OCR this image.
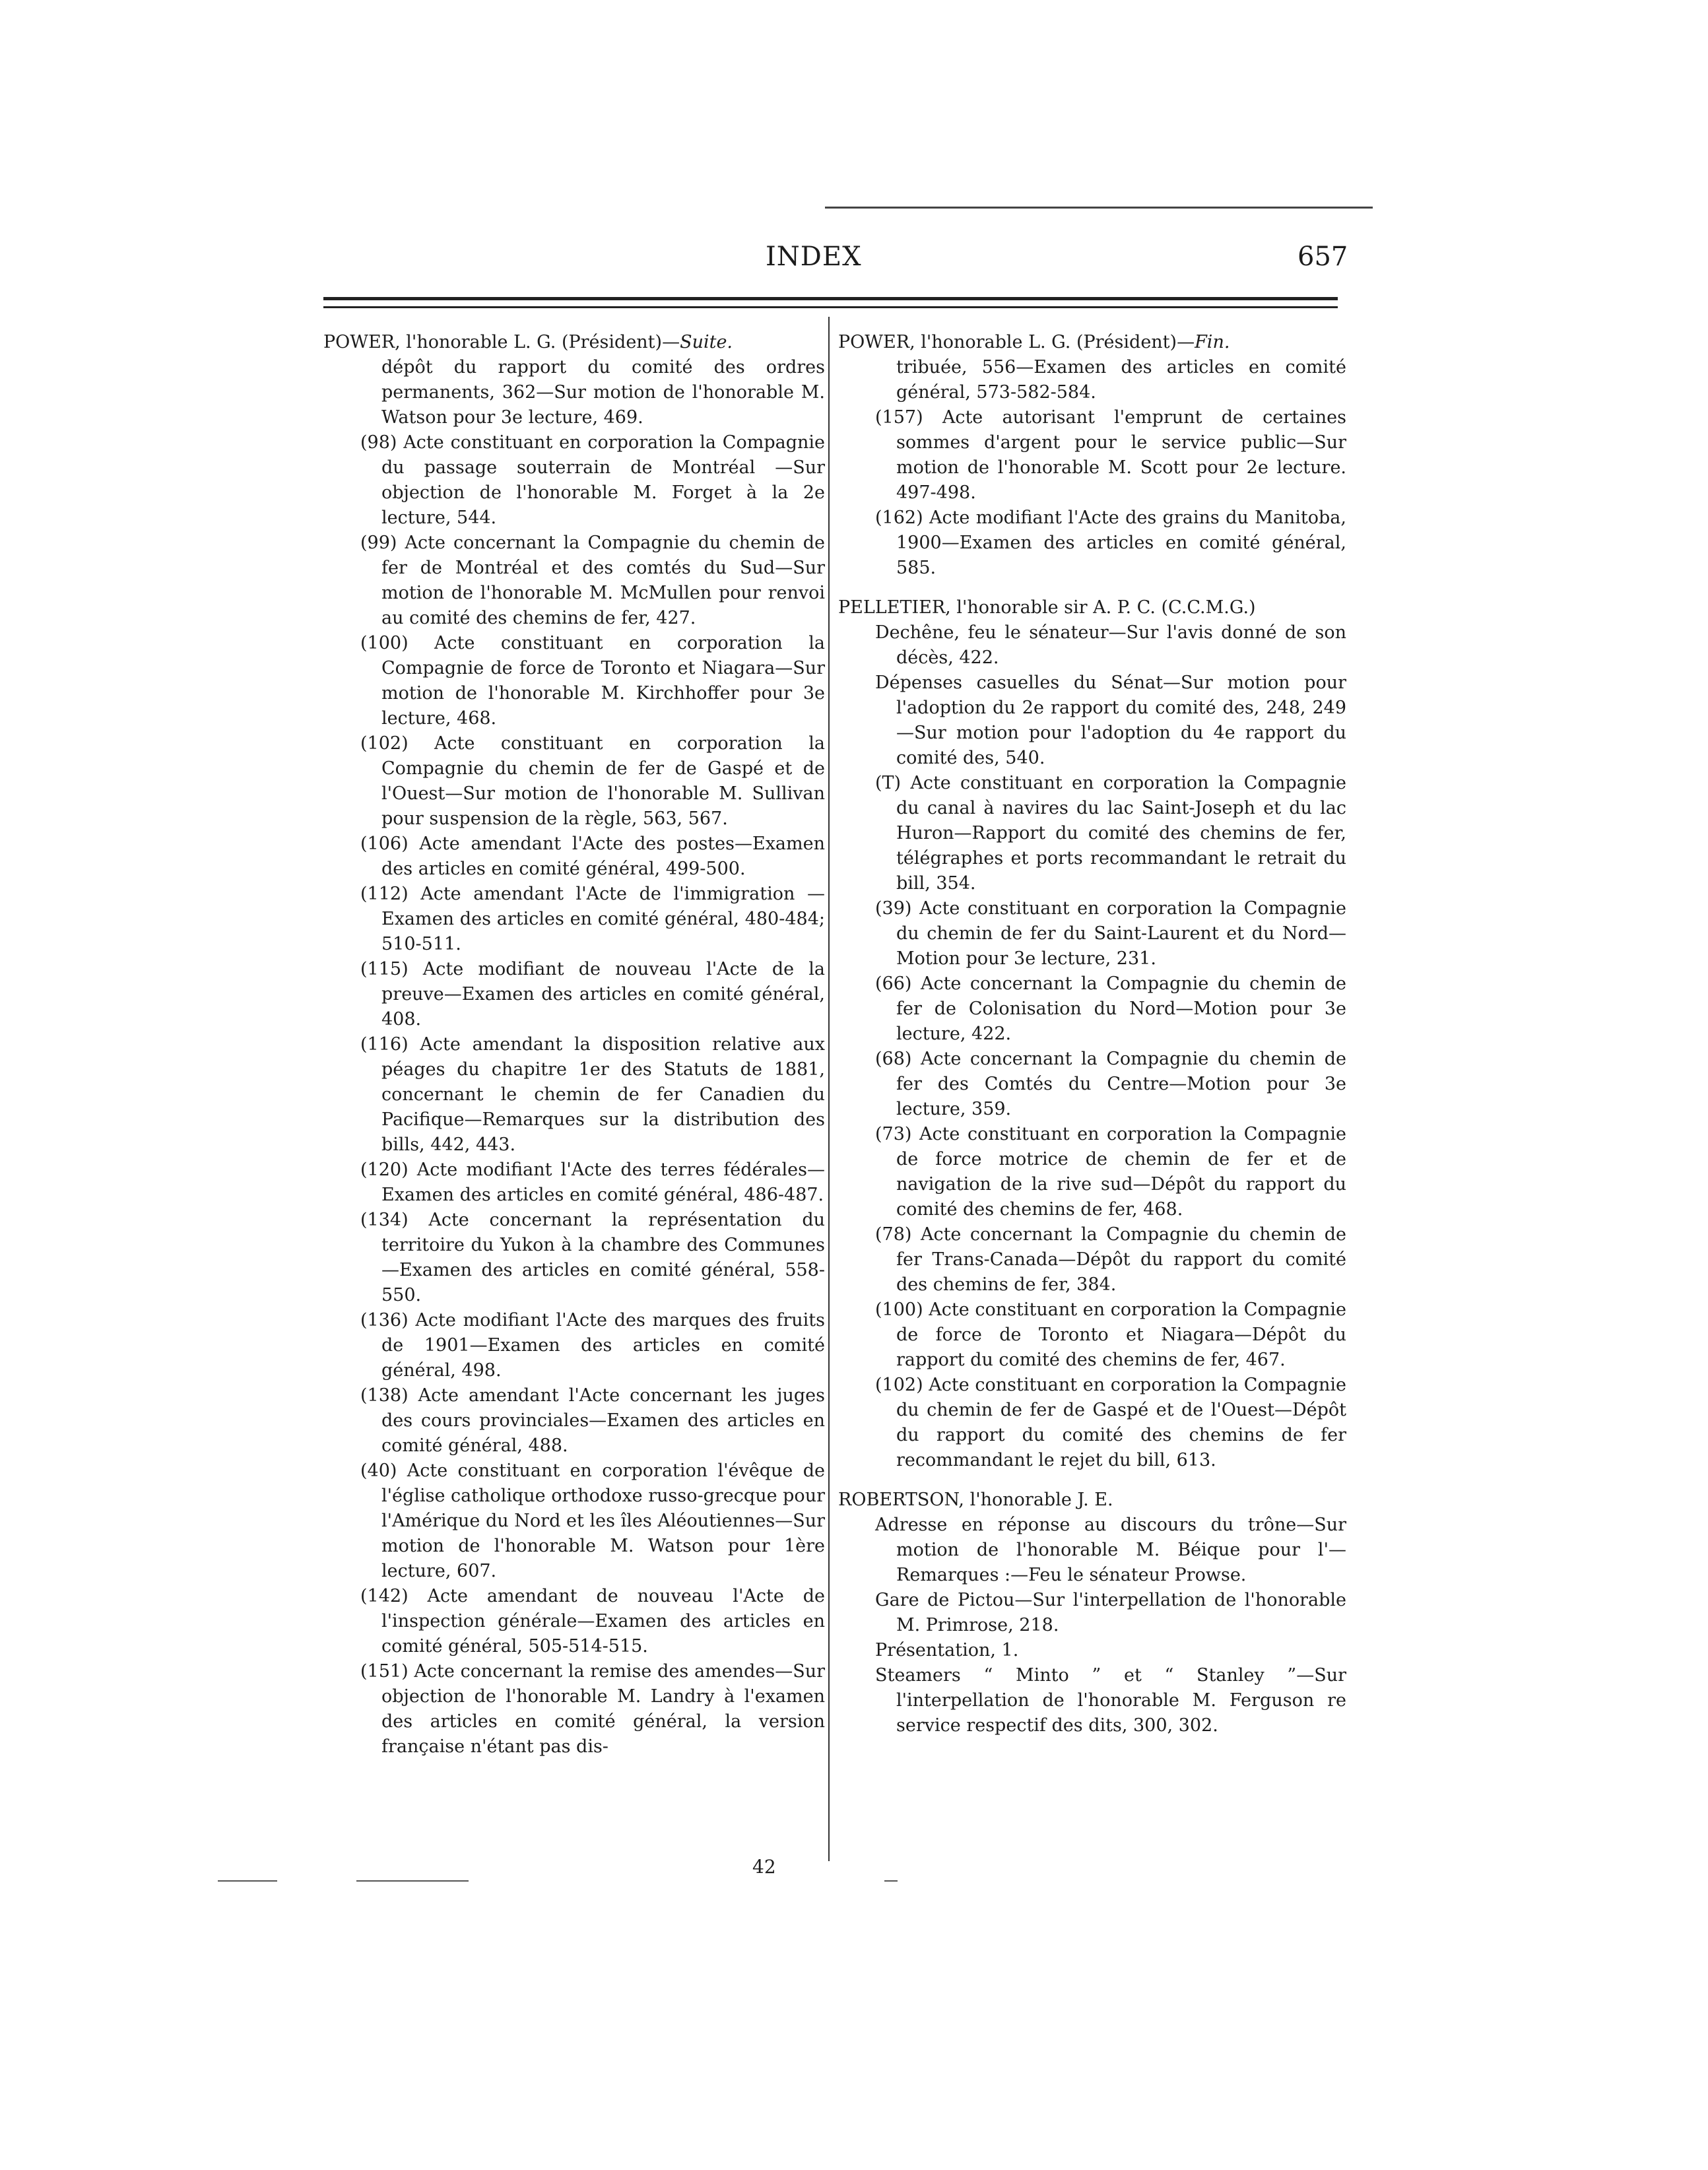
INDEX	657

POWER, l'honorable L. G. (Président)—Suite.

dépôt du rapport du comité des ordres permanents, 362—Sur motion de l'honorable M. Watson pour 3e lecture, 469.

(98) Acte constituant en corporation la Compagnie du passage souterrain de Montréal —Sur objection de l'honorable M. Forget à la 2e lecture, 544.

(99) Acte concernant la Compagnie du chemin de fer de Montréal et des comtés du Sud—Sur motion de l'honorable M. McMullen pour renvoi au comité des chemins de fer, 427.

(100) Acte constituant en corporation la Compagnie de force de Toronto et Niagara—Sur motion de l'honorable M. Kirchhoffer pour 3e lecture, 468.

(102) Acte constituant en corporation la Compagnie du chemin de fer de Gaspé et de l'Ouest—Sur motion de l'honorable M. Sullivan pour suspension de la règle, 563, 567.

(106) Acte amendant l'Acte des postes—Examen des articles en comité général, 499-500.

(112) Acte amendant l'Acte de l'immigration —Examen des articles en comité général, 480-484; 510-511.

(115) Acte modifiant de nouveau l'Acte de la preuve—Examen des articles en comité général, 408.

(116) Acte amendant la disposition relative aux péages du chapitre 1er des Statuts de 1881, concernant le chemin de fer Canadien du Pacifique—Remarques sur la distribution des bills, 442, 443.

(120) Acte modifiant l'Acte des terres fédérales—Examen des articles en comité général, 486-487.

(134) Acte concernant la représentation du territoire du Yukon à la chambre des Communes—Examen des articles en comité général, 558-550.

(136) Acte modifiant l'Acte des marques des fruits de 1901—Examen des articles en comité général, 498.

(138) Acte amendant l'Acte concernant les juges des cours provinciales—Examen des articles en comité général, 488.

(40) Acte constituant en corporation l'évêque de l'église catholique orthodoxe russo-grecque pour l'Amérique du Nord et les îles Aléoutiennes—Sur motion de l'honorable M. Watson pour 1ère lecture, 607.

(142) Acte amendant de nouveau l'Acte de l'inspection générale—Examen des articles en comité général, 505-514-515.

(151) Acte concernant la remise des amendes—Sur objection de l'honorable M. Landry à l'examen des articles en comité général, la version française n'étant pas dis-

POWER, l'honorable L. G. (Président)—Fin.

tribuée, 556—Examen des articles en comité général, 573-582-584.

(157) Acte autorisant l'emprunt de certaines sommes d'argent pour le service public—Sur motion de l'honorable M. Scott pour 2e lecture. 497-498.

(162) Acte modifiant l'Acte des grains du Manitoba, 1900—Examen des articles en comité général, 585.

PELLETIER, l'honorable sir A. P. C. (C.C.M.G.)

Dechêne, feu le sénateur—Sur l'avis donné de son décès, 422.

Dépenses casuelles du Sénat—Sur motion pour l'adoption du 2e rapport du comité des, 248, 249—Sur motion pour l'adoption du 4e rapport du comité des, 540.

(T) Acte constituant en corporation la Compagnie du canal à navires du lac Saint-Joseph et du lac Huron—Rapport du comité des chemins de fer, télégraphes et ports recommandant le retrait du bill, 354.

(39) Acte constituant en corporation la Compagnie du chemin de fer du Saint-Laurent et du Nord—Motion pour 3e lecture, 231.

(66) Acte concernant la Compagnie du chemin de fer de Colonisation du Nord—Motion pour 3e lecture, 422.

(68) Acte concernant la Compagnie du chemin de fer des Comtés du Centre—Motion pour 3e lecture, 359.

(73) Acte constituant en corporation la Compagnie de force motrice de chemin de fer et de navigation de la rive sud—Dépôt du rapport du comité des chemins de fer, 468.

(78) Acte concernant la Compagnie du chemin de fer Trans-Canada—Dépôt du rapport du comité des chemins de fer, 384.

(100) Acte constituant en corporation la Compagnie de force de Toronto et Niagara—Dépôt du rapport du comité des chemins de fer, 467.

(102) Acte constituant en corporation la Compagnie du chemin de fer de Gaspé et de l'Ouest—Dépôt du rapport du comité des chemins de fer recommandant le rejet du bill, 613.

ROBERTSON, l'honorable J. E.

Adresse en réponse au discours du trône—Sur motion de l'honorable M. Béique pour l'—Remarques :—Feu le sénateur Prowse.

Gare de Pictou—Sur l'interpellation de l'honorable M. Primrose, 218.

Présentation, 1.

Steamers “ Minto ” et “ Stanley ”—Sur l'interpellation de l'honorable M. Ferguson re service respectif des dits, 300, 302.

42
